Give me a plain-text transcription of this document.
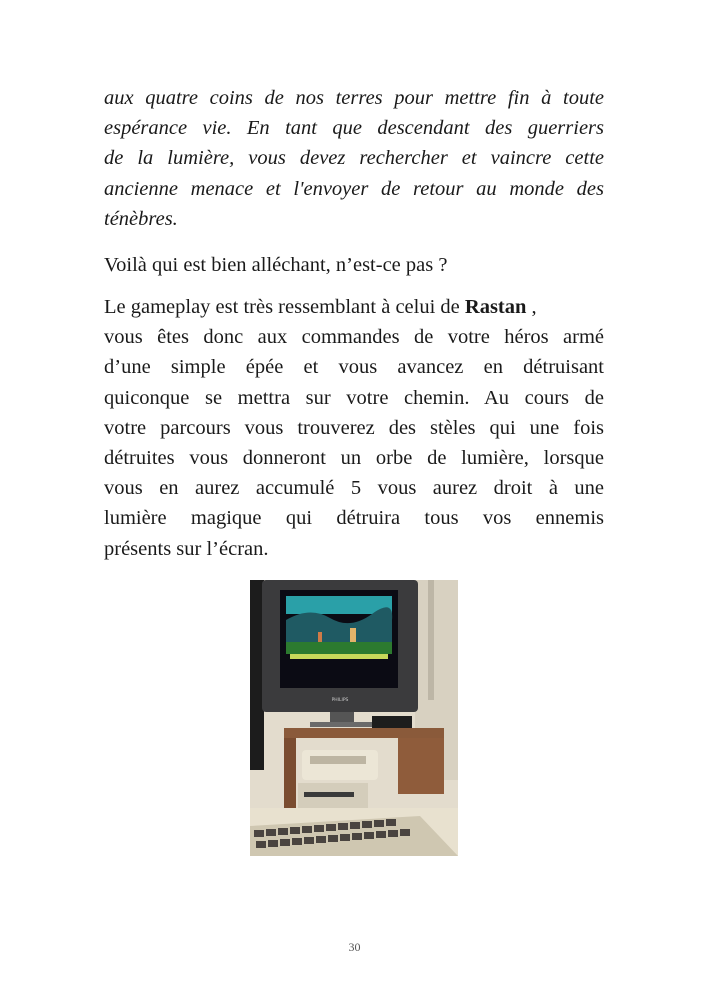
aux quatre coins de nos terres pour mettre fin à toute
espérance vie. En tant que descendant des guerriers
de la lumière, vous devez rechercher et vaincre cette
ancienne menace et l'envoyer de retour au monde des
ténèbres.

Voilà qui est bien alléchant, n’est-ce pas ?

Le gameplay est très ressemblant à celui de Rastan ,
vous êtes donc aux commandes de votre héros armé
d’une simple épée et vous avancez en détruisant
quiconque se mettra sur votre chemin. Au cours de
votre parcours vous trouverez des stèles qui une fois
détruites vous donneront un orbe de lumière, lorsque
vous en aurez accumulé 5 vous aurez droit à une
lumière magique qui détruira tous vos ennemis
présents sur l’écran.

PHILIPS
30
